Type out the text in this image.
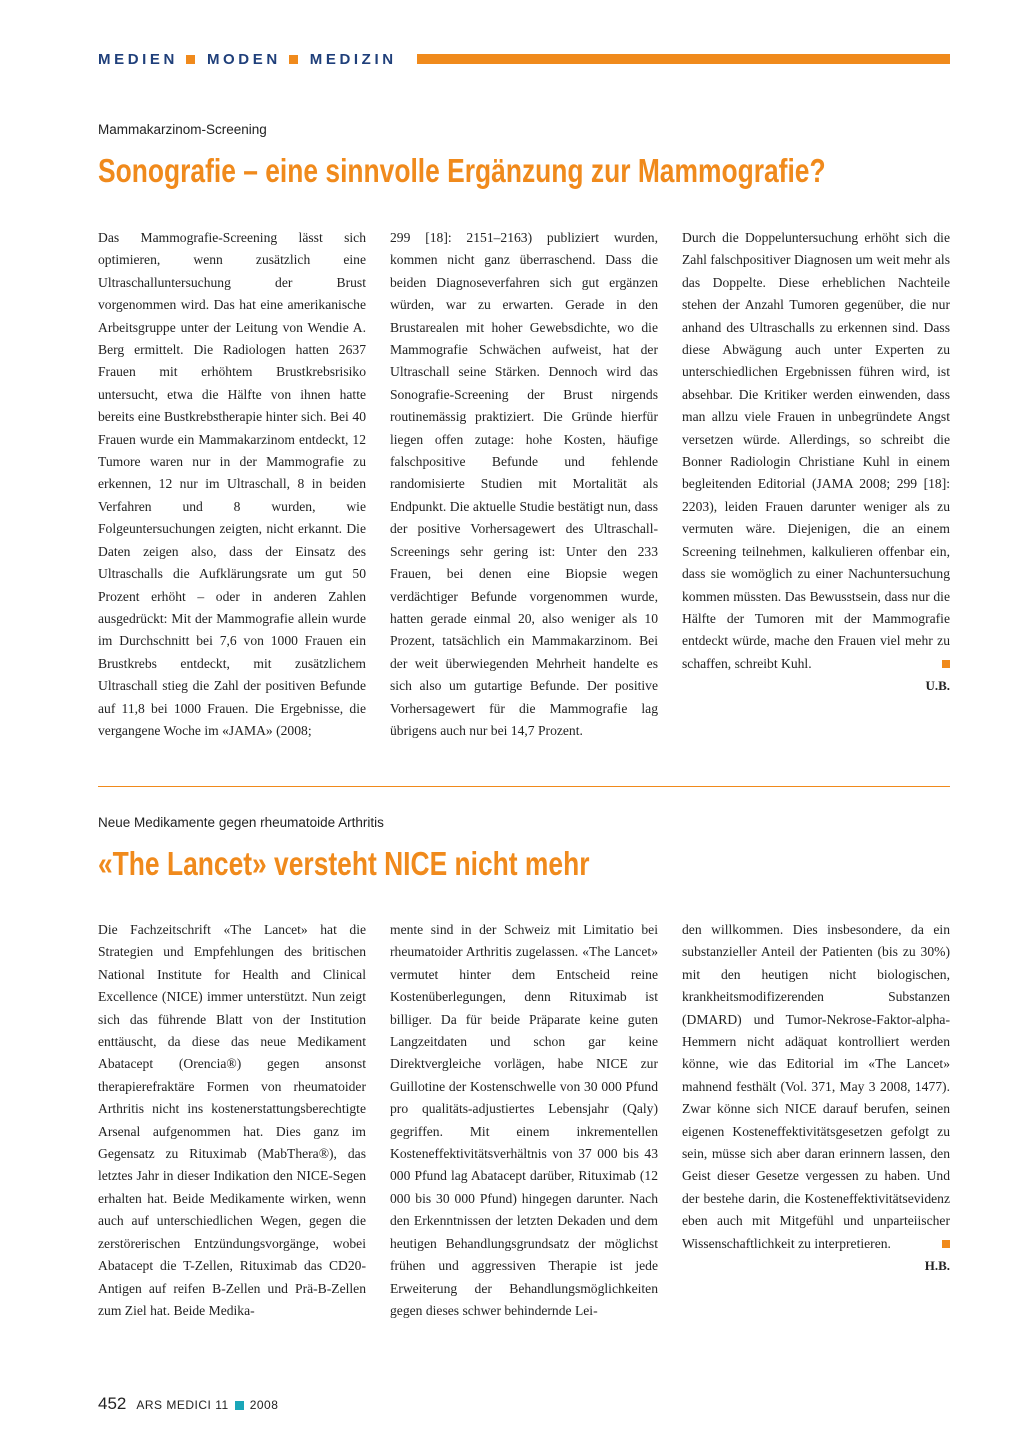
MEDIEN MODEN MEDIZIN
Mammakarzinom-Screening
Sonografie – eine sinnvolle Ergänzung zur Mammografie?
Das Mammografie-Screening lässt sich optimieren, wenn zusätzlich eine Ultraschalluntersuchung der Brust vorgenommen wird. Das hat eine amerikanische Arbeitsgruppe unter der Leitung von Wendie A. Berg ermittelt. Die Radiologen hatten 2637 Frauen mit erhöhtem Brustkrebsrisiko untersucht, etwa die Hälfte von ihnen hatte bereits eine Bustkrebstherapie hinter sich. Bei 40 Frauen wurde ein Mammakarzinom entdeckt, 12 Tumore waren nur in der Mammografie zu erkennen, 12 nur im Ultraschall, 8 in beiden Verfahren und 8 wurden, wie Folgeuntersuchungen zeigten, nicht erkannt. Die Daten zeigen also, dass der Einsatz des Ultraschalls die Aufklärungsrate um gut 50 Prozent erhöht – oder in anderen Zahlen ausgedrückt: Mit der Mammografie allein wurde im Durchschnitt bei 7,6 von 1000 Frauen ein Brustkrebs entdeckt, mit zusätzlichem Ultraschall stieg die Zahl der positiven Befunde auf 11,8 bei 1000 Frauen. Die Ergebnisse, die vergangene Woche im «JAMA» (2008;
299 [18]: 2151–2163) publiziert wurden, kommen nicht ganz überraschend. Dass die beiden Diagnoseverfahren sich gut ergänzen würden, war zu erwarten. Gerade in den Brustarealen mit hoher Gewebsdichte, wo die Mammografie Schwächen aufweist, hat der Ultraschall seine Stärken. Dennoch wird das Sonografie-Screening der Brust nirgends routinemässig praktiziert. Die Gründe hierfür liegen offen zutage: hohe Kosten, häufige falschpositive Befunde und fehlende randomisierte Studien mit Mortalität als Endpunkt. Die aktuelle Studie bestätigt nun, dass der positive Vorhersagewert des Ultraschall-Screenings sehr gering ist: Unter den 233 Frauen, bei denen eine Biopsie wegen verdächtiger Befunde vorgenommen wurde, hatten gerade einmal 20, also weniger als 10 Prozent, tatsächlich ein Mammakarzinom. Bei der weit überwiegenden Mehrheit handelte es sich also um gutartige Befunde. Der positive Vorhersagewert für die Mammografie lag übrigens auch nur bei 14,7 Prozent.
Durch die Doppeluntersuchung erhöht sich die Zahl falschpositiver Diagnosen um weit mehr als das Doppelte. Diese erheblichen Nachteile stehen der Anzahl Tumoren gegenüber, die nur anhand des Ultraschalls zu erkennen sind. Dass diese Abwägung auch unter Experten zu unterschiedlichen Ergebnissen führen wird, ist absehbar. Die Kritiker werden einwenden, dass man allzu viele Frauen in unbegründete Angst versetzen würde. Allerdings, so schreibt die Bonner Radiologin Christiane Kuhl in einem begleitenden Editorial (JAMA 2008; 299 [18]: 2203), leiden Frauen darunter weniger als zu vermuten wäre. Diejenigen, die an einem Screening teilnehmen, kalkulieren offenbar ein, dass sie womöglich zu einer Nachuntersuchung kommen müssten. Das Bewusstsein, dass nur die Hälfte der Tumoren mit der Mammografie entdeckt würde, mache den Frauen viel mehr zu schaffen, schreibt Kuhl.
U.B.
Neue Medikamente gegen rheumatoide Arthritis
«The Lancet» versteht NICE nicht mehr
Die Fachzeitschrift «The Lancet» hat die Strategien und Empfehlungen des britischen National Institute for Health and Clinical Excellence (NICE) immer unterstützt. Nun zeigt sich das führende Blatt von der Institution enttäuscht, da diese das neue Medikament Abatacept (Orencia®) gegen ansonst therapierefraktäre Formen von rheumatoider Arthritis nicht ins kostenerstattungsberechtigte Arsenal aufgenommen hat. Dies ganz im Gegensatz zu Rituximab (MabThera®), das letztes Jahr in dieser Indikation den NICE-Segen erhalten hat. Beide Medikamente wirken, wenn auch auf unterschiedlichen Wegen, gegen die zerstörerischen Entzündungsvorgänge, wobei Abatacept die T-Zellen, Rituximab das CD20-Antigen auf reifen B-Zellen und Prä-B-Zellen zum Ziel hat. Beide Medika-
mente sind in der Schweiz mit Limitatio bei rheumatoider Arthritis zugelassen. «The Lancet» vermutet hinter dem Entscheid reine Kostenüberlegungen, denn Rituximab ist billiger. Da für beide Präparate keine guten Langzeitdaten und schon gar keine Direktvergleiche vorlägen, habe NICE zur Guillotine der Kostenschwelle von 30 000 Pfund pro qualitäts-adjustiertes Lebensjahr (Qaly) gegriffen. Mit einem inkrementellen Kosteneffektivitätsverhältnis von 37 000 bis 43 000 Pfund lag Abatacept darüber, Rituximab (12 000 bis 30 000 Pfund) hingegen darunter. Nach den Erkenntnissen der letzten Dekaden und dem heutigen Behandlungsgrundsatz der möglichst frühen und aggressiven Therapie ist jede Erweiterung der Behandlungsmöglichkeiten gegen dieses schwer behindernde Lei-
den willkommen. Dies insbesondere, da ein substanzieller Anteil der Patienten (bis zu 30%) mit den heutigen nicht biologischen, krankheitsmodifizerenden Substanzen (DMARD) und Tumor-Nekrose-Faktor-alpha-Hemmern nicht adäquat kontrolliert werden könne, wie das Editorial im «The Lancet» mahnend festhält (Vol. 371, May 3 2008, 1477). Zwar könne sich NICE darauf berufen, seinen eigenen Kosteneffektivitätsgesetzen gefolgt zu sein, müsse sich aber daran erinnern lassen, den Geist dieser Gesetze vergessen zu haben. Und der bestehe darin, die Kosteneffektivitätsevidenz eben auch mit Mitgefühl und unparteiischer Wissenschaftlichkeit zu interpretieren.
H.B.
452 ARS MEDICI 11 2008
